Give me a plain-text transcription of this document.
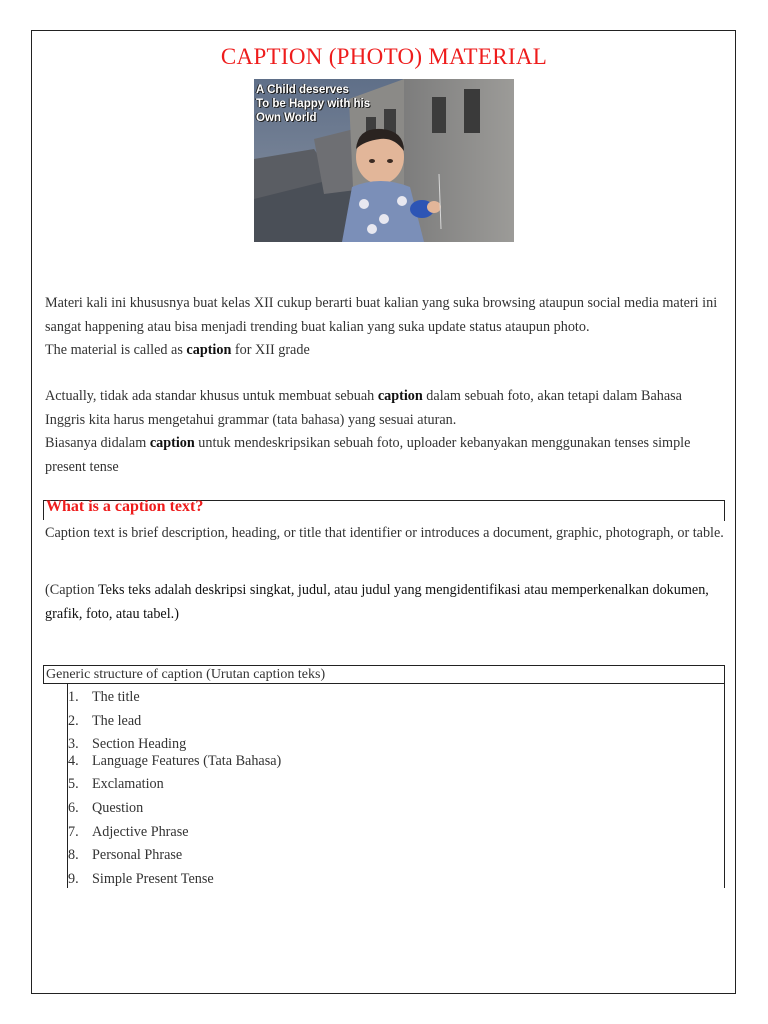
CAPTION (PHOTO) MATERIAL

A Child deserves
To be Happy with his
Own World

Materi kali ini khususnya buat kelas XII cukup berarti buat kalian yang suka browsing ataupun social media materi ini sangat happening atau bisa menjadi trending buat kalian yang suka update status ataupun photo.
The material is called as caption for XII grade

Actually, tidak ada standar khusus untuk membuat sebuah caption dalam sebuah foto, akan tetapi dalam Bahasa Inggris kita harus mengetahui grammar (tata bahasa) yang sesuai aturan.
Biasanya didalam caption untuk mendeskripsikan sebuah foto, uploader kebanyakan menggunakan tenses simple present tense

What is a caption text?

Caption text is brief description, heading, or title that identifier or introduces a document, graphic, photograph, or table.

(Caption Teks teks adalah deskripsi singkat, judul, atau judul yang mengidentifikasi atau memperkenalkan dokumen, grafik, foto, atau tabel.)

Generic structure of caption (Urutan caption teks)
1. The title
2. The lead
3. Section Heading
4. Language Features (Tata Bahasa)
5. Exclamation
6. Question
7. Adjective Phrase
8. Personal Phrase
9. Simple Present Tense
